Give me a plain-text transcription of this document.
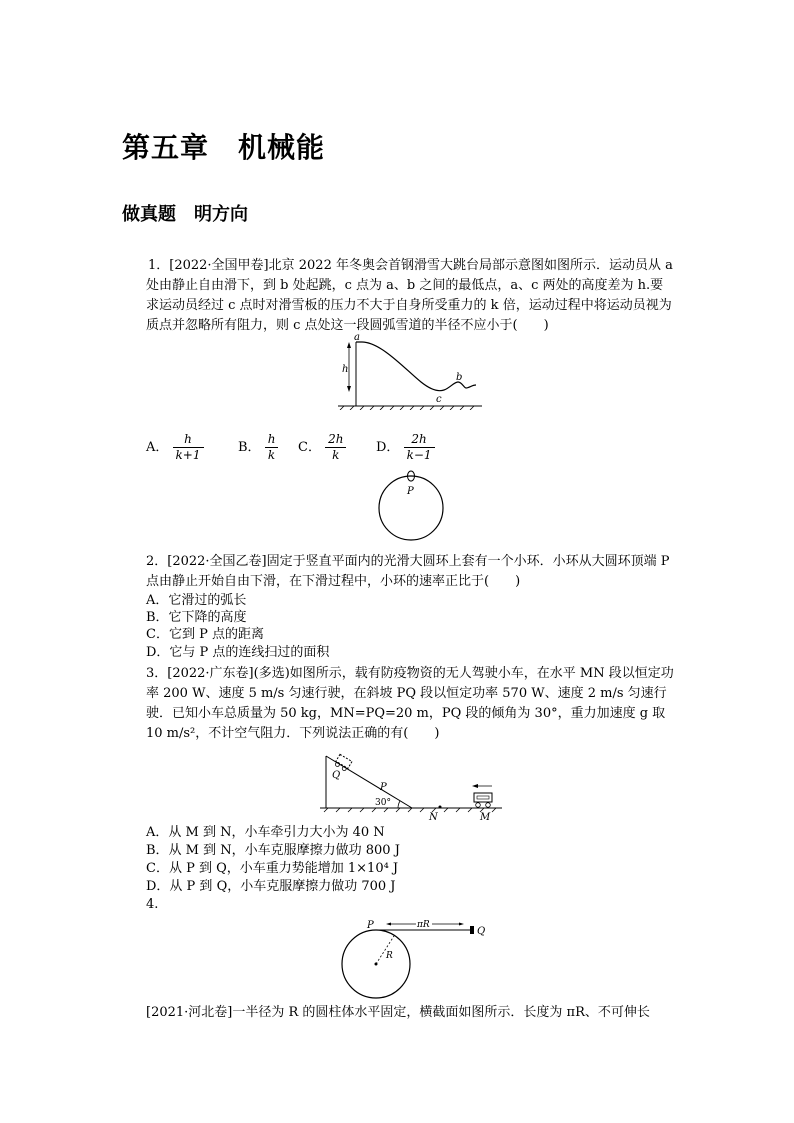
第五章　机械能
做真题　明方向
1．[2022·全国甲卷]北京 2022 年冬奥会首钢滑雪大跳台局部示意图如图所示．运动员从 a 处由静止自由滑下，到 b 处起跳，c 点为 a、b 之间的最低点，a、c 两处的高度差为 h.要求运动员经过 c 点时对滑雪板的压力不大于自身所受重力的 k 倍，运动过程中将运动员视为质点并忽略所有阻力，则 c 点处这一段圆弧雪道的半径不应小于(　　)
a
h
c
b
A． $\frac{h}{k+1}$	B． $\frac{h}{k}$ C． $\frac{2h}{k}$ D． $\frac{2h}{k-1}$
P
2．[2022·全国乙卷]固定于竖直平面内的光滑大圆环上套有一个小环．小环从大圆环顶端 P 点由静止开始自由下滑，在下滑过程中，小环的速率正比于(　　)
A．它滑过的弧长
B．它下降的高度
C．它到 P 点的距离
D．它与 P 点的连线扫过的面积
3．[2022·广东卷](多选)如图所示，载有防疫物资的无人驾驶小车，在水平 MN 段以恒定功率 200 W、速度 5 m/s 匀速行驶，在斜坡 PQ 段以恒定功率 570 W、速度 2 m/s 匀速行驶．已知小车总质量为 50 kg，MN=PQ=20 m，PQ 段的倾角为 30°，重力加速度 g 取 10 m/s²，不计空气阻力．下列说法正确的有(　　)
Q
P
30°
N	M
A．从 M 到 N，小车牵引力大小为 40 N
B．从 M 到 N，小车克服摩擦力做功 800 J
C．从 P 到 Q，小车重力势能增加 1×10⁴ J
D．从 P 到 Q，小车克服摩擦力做功 700 J
4.
P
Q
πR
R
[2021·河北卷]一半径为 R 的圆柱体水平固定，横截面如图所示．长度为 πR、不可伸长
